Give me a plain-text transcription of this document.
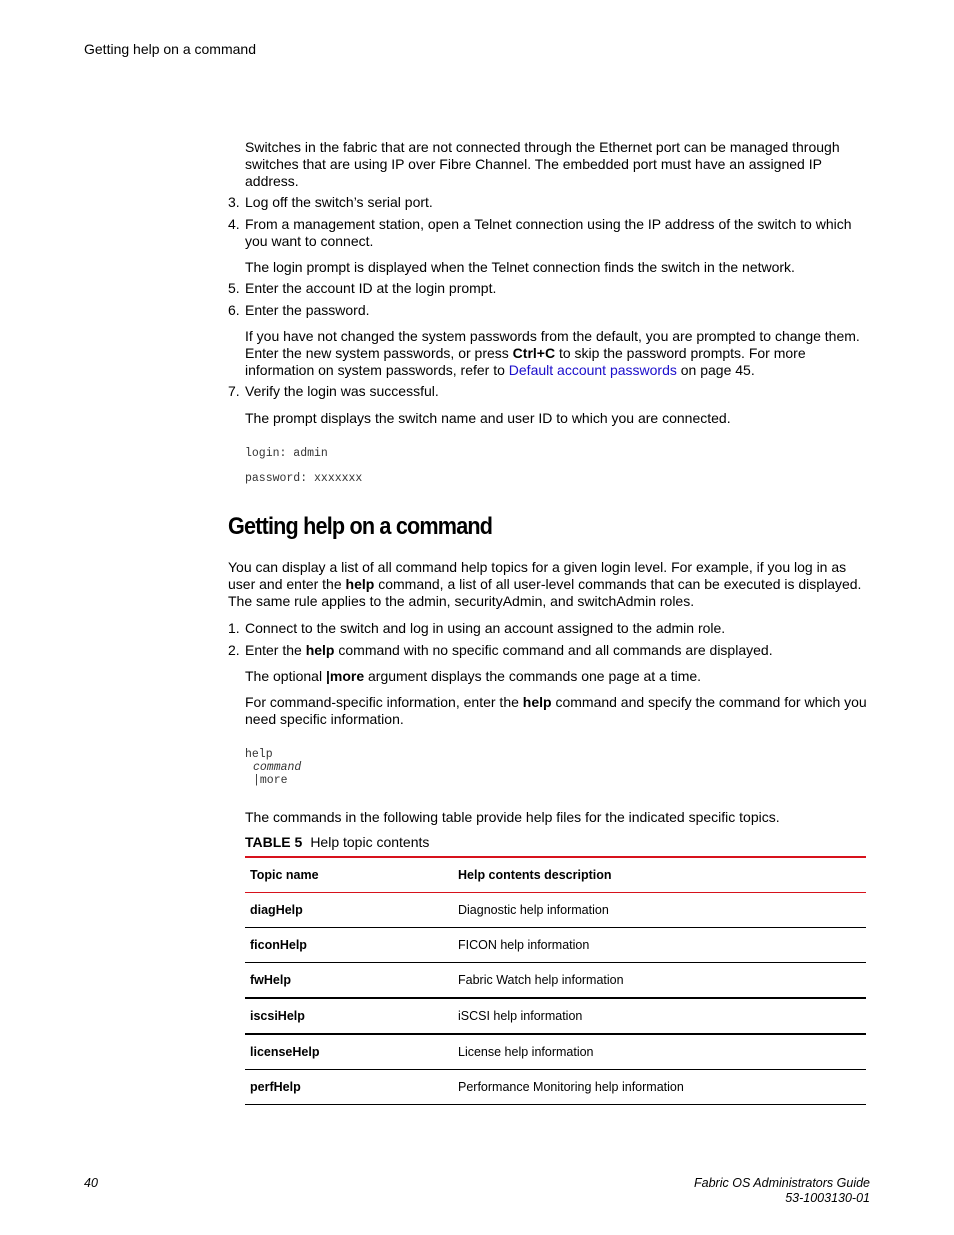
Getting help on a command
Switches in the fabric that are not connected through the Ethernet port can be managed through switches that are using IP over Fibre Channel. The embedded port must have an assigned IP address.
3. Log off the switch’s serial port.
4. From a management station, open a Telnet connection using the IP address of the switch to which you want to connect.
The login prompt is displayed when the Telnet connection finds the switch in the network.
5. Enter the account ID at the login prompt.
6. Enter the password.
If you have not changed the system passwords from the default, you are prompted to change them. Enter the new system passwords, or press Ctrl+C to skip the password prompts. For more information on system passwords, refer to Default account passwords on page 45.
7. Verify the login was successful.
The prompt displays the switch name and user ID to which you are connected.
login: admin
password: xxxxxxx
Getting help on a command
You can display a list of all command help topics for a given login level. For example, if you log in as user and enter the help command, a list of all user-level commands that can be executed is displayed. The same rule applies to the admin, securityAdmin, and switchAdmin roles.
1. Connect to the switch and log in using an account assigned to the admin role.
2. Enter the help command with no specific command and all commands are displayed.
The optional |more argument displays the commands one page at a time.
For command-specific information, enter the help command and specify the command for which you need specific information.
help
command
|more
The commands in the following table provide help files for the indicated specific topics.
TABLE 5 Help topic contents
Topic name	Help contents description
diagHelp	Diagnostic help information
ficonHelp	FICON help information
fwHelp	Fabric Watch help information
iscsiHelp	iSCSI help information
licenseHelp	License help information
perfHelp	Performance Monitoring help information
40	Fabric OS Administrators Guide
53-1003130-01
